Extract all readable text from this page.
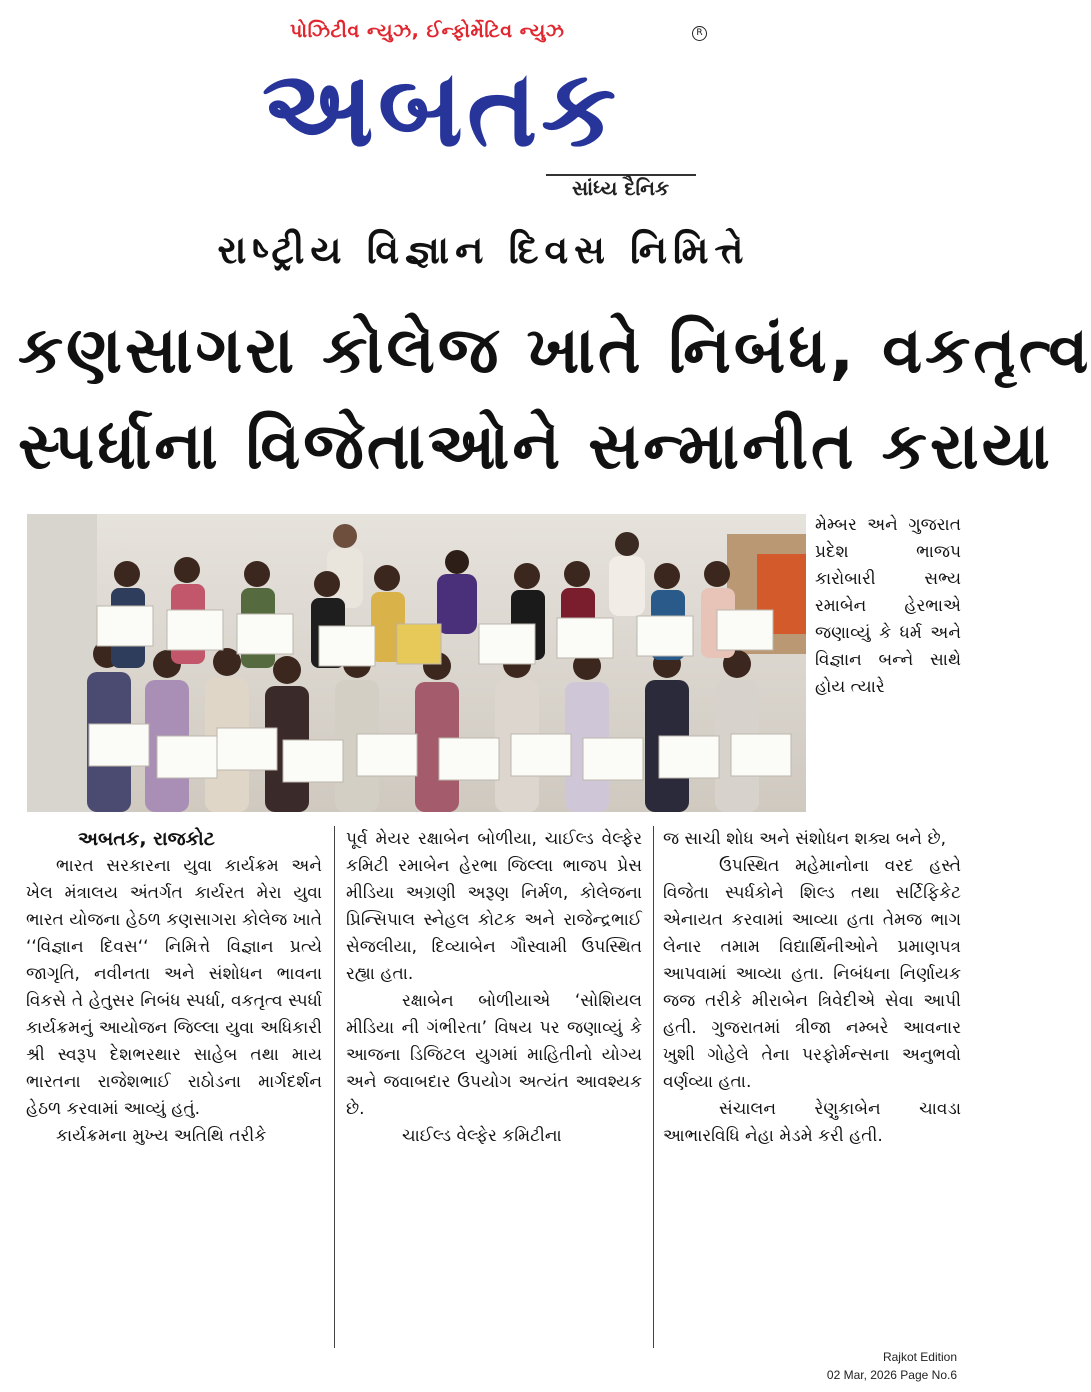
પોઝિટીવ ન્યુઝ, ઈન્ફોર્મેટિવ ન્યુઝ
અબતક
R
સાંધ્ય દૈનિક
રાષ્ટ્રીય વિજ્ઞાન દિવસ નિમિત્તે
કણસાગરા કોલેજ ખાતે નિબંધ, વકતૃત્વ
સ્પર્ધાના વિજેતાઓને સન્માનીત કરાયા

મેમ્બર અને ગુજરાત પ્રદેશ ભાજપ કારોબારી સભ્ય રમાબેન હેરભાએ જણાવ્યું કે ધર્મ અને વિજ્ઞાન બન્ને સાથે હોય ત્યારે

અબતક, રાજકોટ

ભારત સરકારના યુવા કાર્યક્રમ અને ખેલ મંત્રાલય અંતર્ગત કાર્યરત મેરા યુવા ભારત યોજના હેઠળ કણસાગરા કોલેજ ખાતે ‘‘વિજ્ઞાન દિવસ‘‘ નિમિત્તે વિજ્ઞાન પ્રત્યે જાગૃતિ, નવીનતા અને સંશોધન ભાવના વિકસે તે હેતુસર નિબંધ સ્પર્ધા, વકતૃત્વ સ્પર્ધા કાર્યક્રમનું આયોજન જિલ્લા યુવા અધિકારી શ્રી સ્વરૂપ દેશભરથાર સાહેબ તથા માય ભારતના રાજેશભાઈ રાઠોડના માર્ગદર્શન હેઠળ કરવામાં આવ્યું હતું.

કાર્યક્રમના મુખ્ય અતિથિ તરીકે

પૂર્વ મેયર રક્ષાબેન બોળીયા, ચાઈલ્ડ વેલ્ફેર કમિટી રમાબેન હેરભા જિલ્લા ભાજપ પ્રેસ મીડિયા અગ્રણી અરૂણ નિર્મળ, કોલેજના પ્રિન્સિપાલ સ્નેહલ કોટક અને રાજેન્દ્રભાઈ સેજલીયા, દિવ્યાબેન ગૌસ્વામી ઉપસ્થિત રહ્યા હતા.

રક્ષાબેન બોળીયાએ ‘સોશિયલ મીડિયા ની ગંભીરતા’ વિષય પર જણાવ્યું કે આજના ડિજિટલ યુગમાં માહિતીનો યોગ્ય અને જવાબદાર ઉપયોગ અત્યંત આવશ્યક છે.

ચાઈલ્ડ વેલ્ફેર કમિટીના

જ સાચી શોધ અને સંશોધન શક્ય બને છે,

ઉપસ્થિત મહેમાનોના વરદ હસ્તે વિજેતા સ્પર્ધકોને શિલ્ડ તથા સર્ટિફિકેટ એનાયત કરવામાં આવ્યા હતા તેમજ ભાગ લેનાર તમામ વિદ્યાર્થિનીઓને પ્રમાણપત્ર આપવામાં આવ્યા હતા. નિબંધના નિર્ણાયક જજ તરીકે મીરાબેન ત્રિવેદીએ સેવા આપી હતી. ગુજરાતમાં ત્રીજા નમ્બરે આવનાર ખુશી ગોહેલે તેના પરફોર્મન્સના અનુભવો વર્ણવ્યા હતા.

સંચાલન રેણુકાબેન ચાવડા આભારવિધિ નેહા મેડમે કરી હતી.

Rajkot Edition
02 Mar, 2026 Page No.6
